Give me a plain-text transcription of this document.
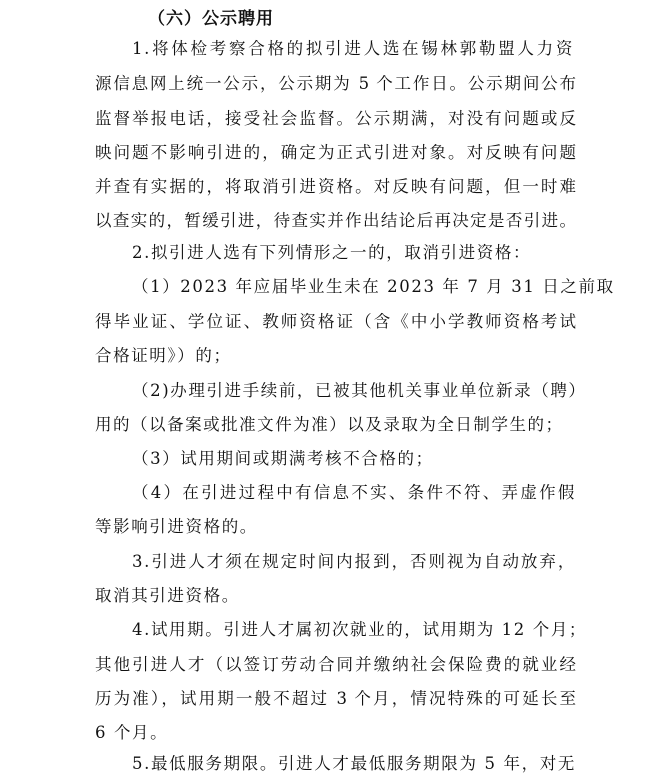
（六）公示聘用
1.将体检考察合格的拟引进人选在锡林郭勒盟人力资
源信息网上统一公示，公示期为 5 个工作日。公示期间公布
监督举报电话，接受社会监督。公示期满，对没有问题或反
映问题不影响引进的，确定为正式引进对象。对反映有问题
并查有实据的，将取消引进资格。对反映有问题，但一时难
以查实的，暂缓引进，待查实并作出结论后再决定是否引进。
2.拟引进人选有下列情形之一的，取消引进资格：
（1）2023 年应届毕业生未在 2023 年 7 月 31 日之前取
得毕业证、学位证、教师资格证（含《中小学教师资格考试
合格证明》）的；
（2)办理引进手续前，已被其他机关事业单位新录（聘）
用的（以备案或批准文件为准）以及录取为全日制学生的；
（3）试用期间或期满考核不合格的；
（4）在引进过程中有信息不实、条件不符、弄虚作假
等影响引进资格的。
3.引进人才须在规定时间内报到，否则视为自动放弃，
取消其引进资格。
4.试用期。引进人才属初次就业的，试用期为 12 个月；
其他引进人才（以签订劳动合同并缴纳社会保险费的就业经
历为准），试用期一般不超过 3 个月，情况特殊的可延长至
6 个月。
5.最低服务期限。引进人才最低服务期限为 5 年，对无
